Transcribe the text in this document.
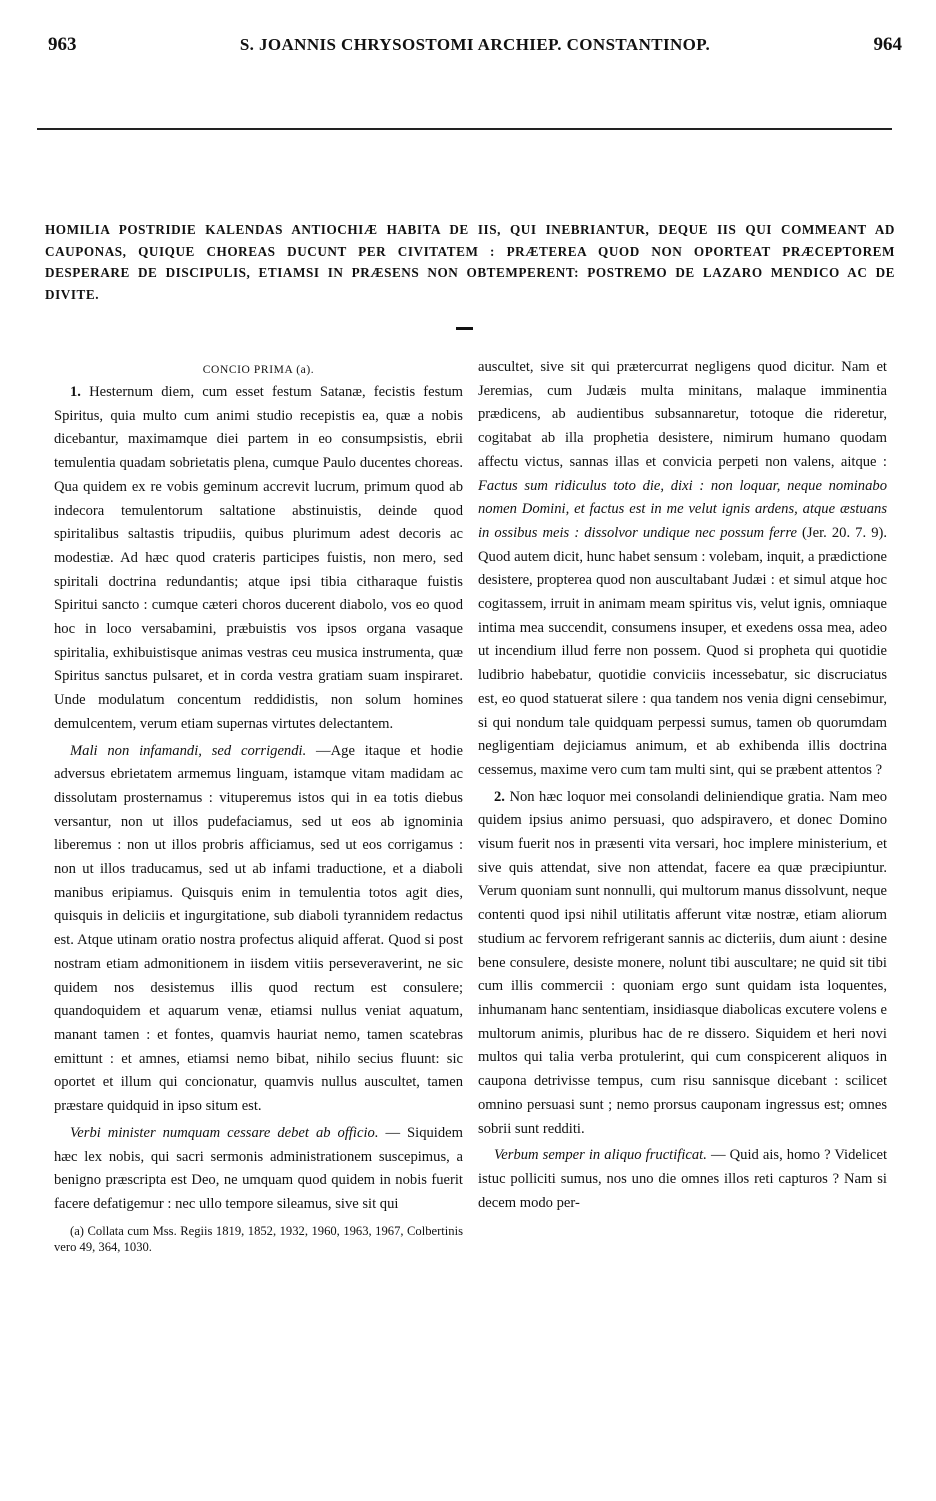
963	S. JOANNIS CHRYSOSTOMI ARCHIEP. CONSTANTINOP.	964

HOMILIA POSTRIDIE KALENDAS ANTIOCHIÆ HABITA DE IIS, QUI INEBRIANTUR, DEQUE IIS QUI COMMEANT AD CAUPONAS, QUIQUE CHOREAS DUCUNT PER CIVITATEM : PRÆTEREA QUOD NON OPORTEAT PRÆCEPTOREM DESPERARE DE DISCIPULIS, ETIAMSI IN PRÆSENS NON OBTEMPERENT: POSTREMO DE LAZARO MENDICO AC DE DIVITE.

CONCIO PRIMA (a).

1. Hesternum diem, cum esset festum Satanæ, fecistis festum Spiritus, quia multo cum animi studio recepistis ea, quæ a nobis dicebantur, maximamque diei partem in eo consumpsistis, ebrii temulentia quadam sobrietatis plena, cumque Paulo ducentes choreas. Qua quidem ex re vobis geminum accrevit lucrum, primum quod ab indecora temulentorum saltatione abstinuistis, deinde quod spiritalibus saltastis tripudiis, quibus plurimum adest decoris ac modestiæ. Ad hæc quod crateris participes fuistis, non mero, sed spiritali doctrina redundantis; atque ipsi tibia citharaque fuistis Spiritui sancto : cumque cæteri choros ducerent diabolo, vos eo quod hoc in loco versabamini, præbuistis vos ipsos organa vasaque spiritalia, exhibuistisque animas vestras ceu musica instrumenta, quæ Spiritus sanctus pulsaret, et in corda vestra gratiam suam inspiraret. Unde modulatum concentum reddidistis, non solum homines demulcentem, verum etiam supernas virtutes delectantem.

Mali non infamandi, sed corrigendi. —Age itaque et hodie adversus ebrietatem armemus linguam, istamque vitam madidam ac dissolutam prosternamus : vituperemus istos qui in ea totis diebus versantur, non ut illos pudefaciamus, sed ut eos ab ignominia liberemus : non ut illos probris afficiamus, sed ut eos corrigamus : non ut illos traducamus, sed ut ab infami traductione, et a diaboli manibus eripiamus. Quisquis enim in temulentia totos agit dies, quisquis in deliciis et ingurgitatione, sub diaboli tyrannidem redactus est. Atque utinam oratio nostra profectus aliquid afferat. Quod si post nostram etiam admonitionem in iisdem vitiis perseveraverint, ne sic quidem nos desistemus illis quod rectum est consulere; quandoquidem et aquarum venæ, etiamsi nullus veniat aquatum, manant tamen : et fontes, quamvis hauriat nemo, tamen scatebras emittunt : et amnes, etiamsi nemo bibat, nihilo secius fluunt: sic oportet et illum qui concionatur, quamvis nullus auscultet, tamen præstare quidquid in ipso situm est.

Verbi minister numquam cessare debet ab officio. — Siquidem hæc lex nobis, qui sacri sermonis administrationem suscepimus, a benigno præscripta est Deo, ne umquam quod quidem in nobis fuerit facere defatigemur : nec ullo tempore sileamus, sive sit qui

(a) Collata cum Mss. Regiis 1819, 1852, 1932, 1960, 1963, 1967, Colbertinis vero 49, 364, 1030.

auscultet, sive sit qui prætercurrat negligens quod dicitur. Nam et Jeremias, cum Judæis multa minitans, malaque imminentia prædicens, ab audientibus subsannaretur, totoque die rideretur, cogitabat ab illa prophetia desistere, nimirum humano quodam affectu victus, sannas illas et convicia perpeti non valens, aitque : Factus sum ridiculus toto die, dixi : non loquar, neque nominabo nomen Domini, et factus est in me velut ignis ardens, atque æstuans in ossibus meis : dissolvor undique nec possum ferre (Jer. 20. 7. 9). Quod autem dicit, hunc habet sensum : volebam, inquit, a prædictione desistere, propterea quod non auscultabant Judæi : et simul atque hoc cogitassem, irruit in animam meam spiritus vis, velut ignis, omniaque intima mea succendit, consumens insuper, et exedens ossa mea, adeo ut incendium illud ferre non possem. Quod si propheta qui quotidie ludibrio habebatur, quotidie conviciis incessebatur, sic discruciatus est, eo quod statuerat silere : qua tandem nos venia digni censebimur, si qui nondum tale quidquam perpessi sumus, tamen ob quorumdam negligentiam dejiciamus animum, et ab exhibenda illis doctrina cessemus, maxime vero cum tam multi sint, qui se præbent attentos ?

2. Non hæc loquor mei consolandi deliniendique gratia. Nam meo quidem ipsius animo persuasi, quo adspiravero, et donec Domino visum fuerit nos in præsenti vita versari, hoc implere ministerium, et sive quis attendat, sive non attendat, facere ea quæ præcipiuntur. Verum quoniam sunt nonnulli, qui multorum manus dissolvunt, neque contenti quod ipsi nihil utilitatis afferunt vitæ nostræ, etiam aliorum studium ac fervorem refrigerant sannis ac dicteriis, dum aiunt : desine bene consulere, desiste monere, nolunt tibi auscultare; ne quid sit tibi cum illis commercii : quoniam ergo sunt quidam ista loquentes, inhumanam hanc sententiam, insidiasque diabolicas excutere volens e multorum animis, pluribus hac de re dissero. Siquidem et heri novi multos qui talia verba protulerint, qui cum conspicerent aliquos in caupona detrivisse tempus, cum risu sannisque dicebant : scilicet omnino persuasi sunt ; nemo prorsus cauponam ingressus est; omnes sobrii sunt redditi.

Verbum semper in aliquo fructificat. — Quid ais, homo ? Videlicet istuc polliciti sumus, nos uno die omnes illos reti capturos ? Nam si decem modo per-
